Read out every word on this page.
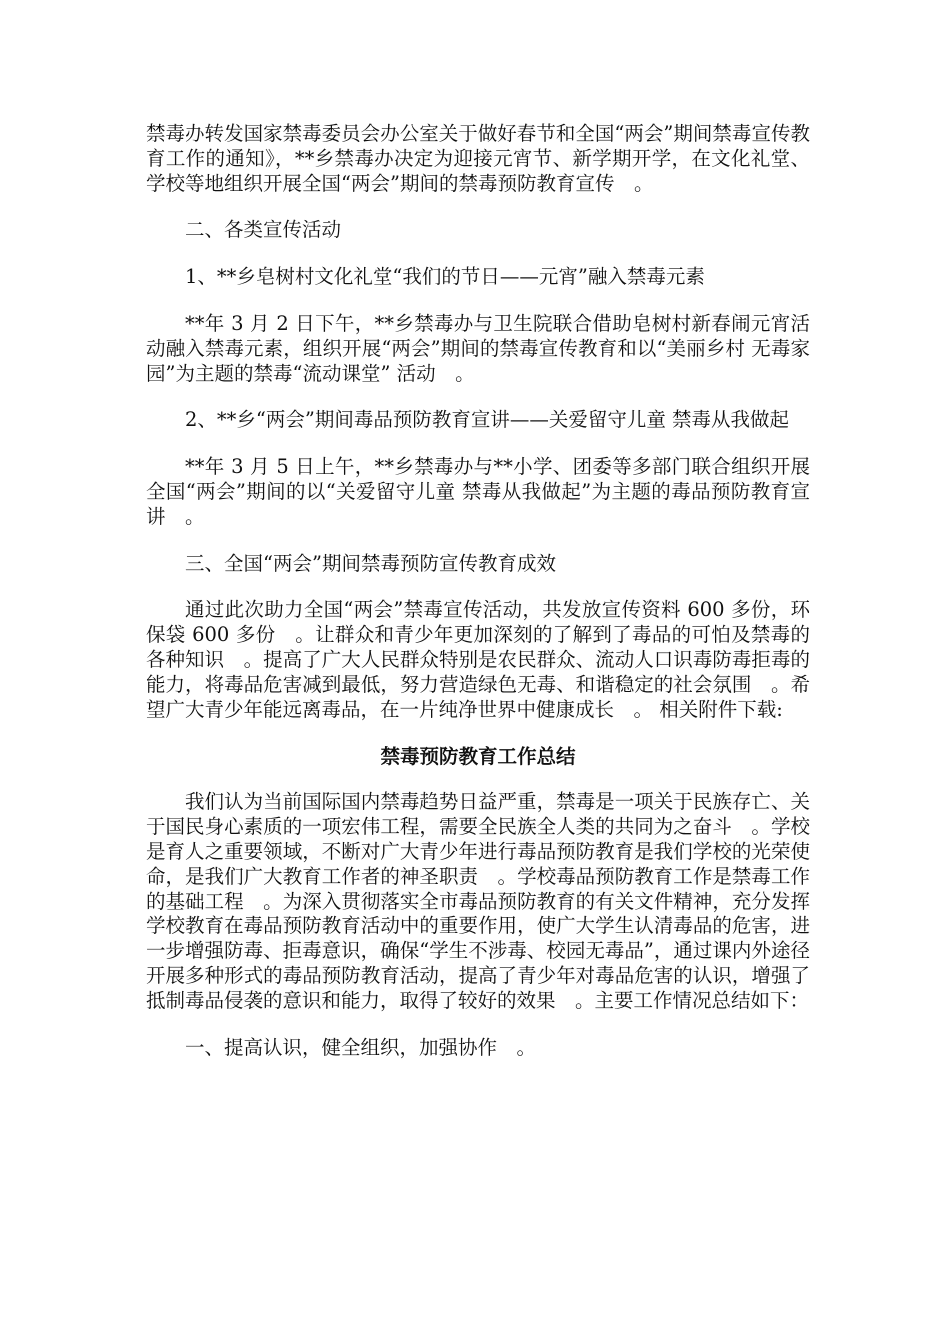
禁毒办转发国家禁毒委员会办公室关于做好春节和全国“两会”期间禁毒宣传教育工作的通知》，**乡禁毒办决定为迎接元宵节、新学期开学，在文化礼堂、学校等地组织开展全国“两会”期间的禁毒预防教育宣传　。

二、各类宣传活动

1、**乡皂树村文化礼堂“我们的节日——元宵”融入禁毒元素

**年 3 月 2 日下午，**乡禁毒办与卫生院联合借助皂树村新春闹元宵活动融入禁毒元素，组织开展“两会”期间的禁毒宣传教育和以“美丽乡村 无毒家园”为主题的禁毒“流动课堂” 活动　。

2、**乡“两会”期间毒品预防教育宣讲——关爱留守儿童 禁毒从我做起

**年 3 月 5 日上午，**乡禁毒办与**小学、团委等多部门联合组织开展全国“两会”期间的以“关爱留守儿童 禁毒从我做起”为主题的毒品预防教育宣讲　。

三、全国“两会”期间禁毒预防宣传教育成效

通过此次助力全国“两会”禁毒宣传活动，共发放宣传资料 600 多份，环保袋 600 多份　。让群众和青少年更加深刻的了解到了毒品的可怕及禁毒的各种知识　。提高了广大人民群众特别是农民群众、流动人口识毒防毒拒毒的能力，将毒品危害减到最低，努力营造绿色无毒、和谐稳定的社会氛围　。希望广大青少年能远离毒品，在一片纯净世界中健康成长　。 相关附件下载:

禁毒预防教育工作总结

我们认为当前国际国内禁毒趋势日益严重，禁毒是一项关于民族存亡、关于国民身心素质的一项宏伟工程，需要全民族全人类的共同为之奋斗　。学校是育人之重要领域，不断对广大青少年进行毒品预防教育是我们学校的光荣使命，是我们广大教育工作者的神圣职责　。学校毒品预防教育工作是禁毒工作的基础工程　。为深入贯彻落实全市毒品预防教育的有关文件精神，充分发挥学校教育在毒品预防教育活动中的重要作用，使广大学生认清毒品的危害，进一步增强防毒、拒毒意识，确保“学生不涉毒、校园无毒品”，通过课内外途径开展多种形式的毒品预防教育活动，提高了青少年对毒品危害的认识，增强了抵制毒品侵袭的意识和能力，取得了较好的效果　。主要工作情况总结如下：

一、提高认识，健全组织，加强协作　。
